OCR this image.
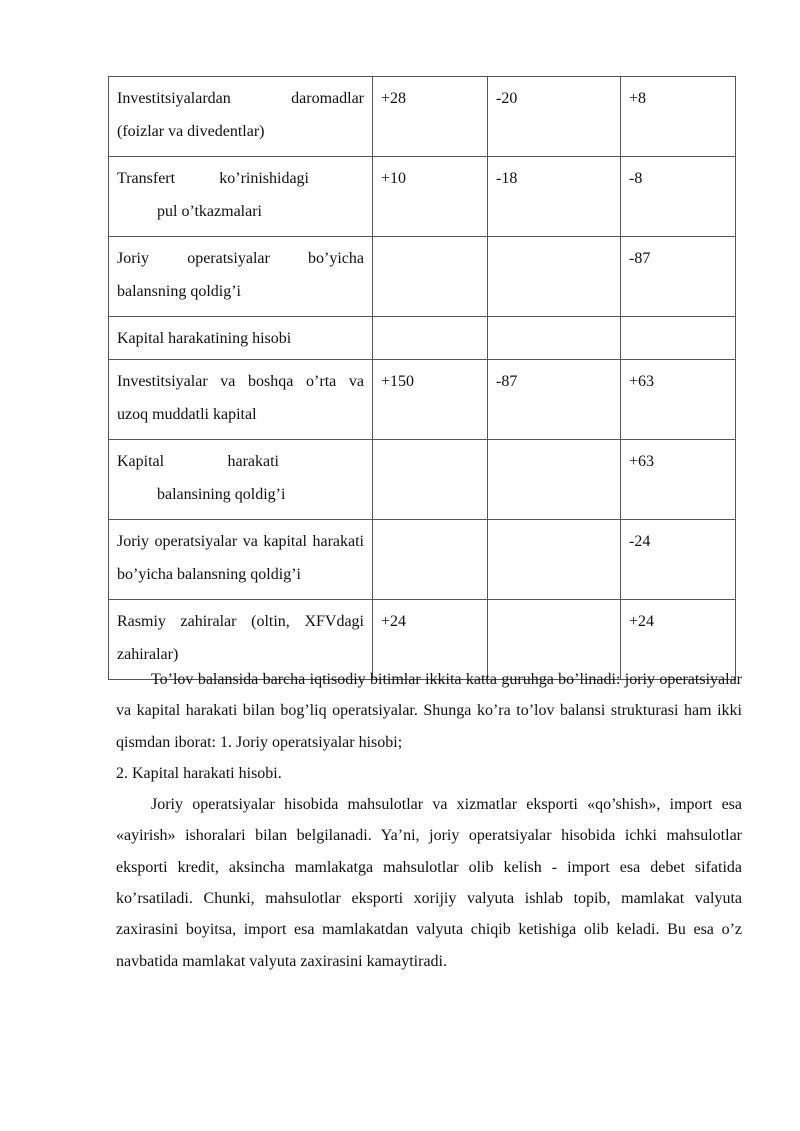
Investitsiyalardan daromadlar
(foizlar va divedentlar)	+28	-20	+8

Transfert ko’rinishidagi
pul o’tkazmalari	+10	-18	-8
Joriy operatsiyalar bo’yicha balansning qoldig’i			-87
Kapital harakatining hisobi			
Investitsiyalar va boshqa o’rta va uzoq muddatli kapital	+150	-87	+63

Kapital harakati
balansining qoldig’i			+63
Joriy operatsiyalar va kapital harakati bo’yicha balansning qoldig’i			-24
Rasmiy zahiralar (oltin, XFVdagi zahiralar)	+24		+24

To’lov balansida barcha iqtisodiy bitimlar ikkita katta guruhga bo’linadi: joriy operatsiyalar va kapital harakati bilan bog’liq operatsiyalar. Shunga ko’ra to’lov balansi strukturasi ham ikki qismdan iborat: 1. Joriy operatsiyalar hisobi;

2. Kapital harakati hisobi.

Joriy operatsiyalar hisobida mahsulotlar va xizmatlar eksporti «qo’shish», import esa «ayirish» ishoralari bilan belgilanadi. Ya’ni, joriy operatsiyalar hisobida ichki mahsulotlar eksporti kredit, aksincha mamlakatga mahsulotlar olib kelish - import esa debet sifatida ko’rsatiladi. Chunki, mahsulotlar eksporti xorijiy valyuta ishlab topib, mamlakat valyuta zaxirasini boyitsa, import esa mamlakatdan valyuta chiqib ketishiga olib keladi. Bu esa o’z navbatida mamlakat valyuta zaxirasini kamaytiradi.
